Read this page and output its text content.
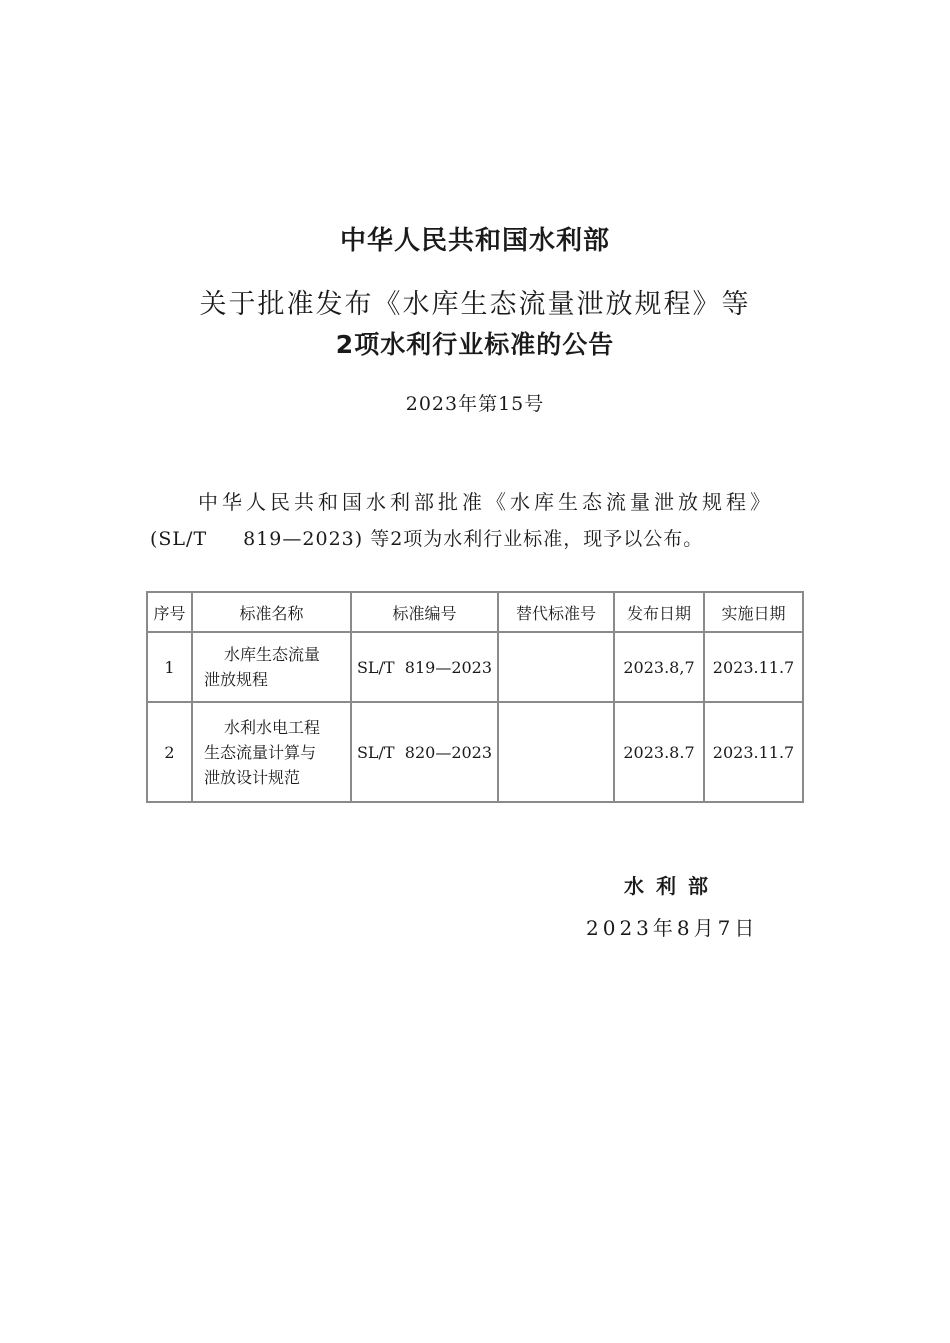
中华人民共和国水利部
关于批准发布《水库生态流量泄放规程》等
2项水利行业标准的公告
2023年第15号
中华人民共和国水利部批准《水库生态流量泄放规程》
(SL/T 819—2023) 等2项为水利行业标准，现予以公布。
序号	标准名称	标准编号	替代标准号	发布日期	实施日期
1	水库生态流量
泄放规程	SL/T  819—2023		2023.8,7	2023.11.7
2	水利水电工程
生态流量计算与
泄放设计规范	SL/T  820—2023		2023.8.7	2023.11.7
水利部
2023年8月7日
